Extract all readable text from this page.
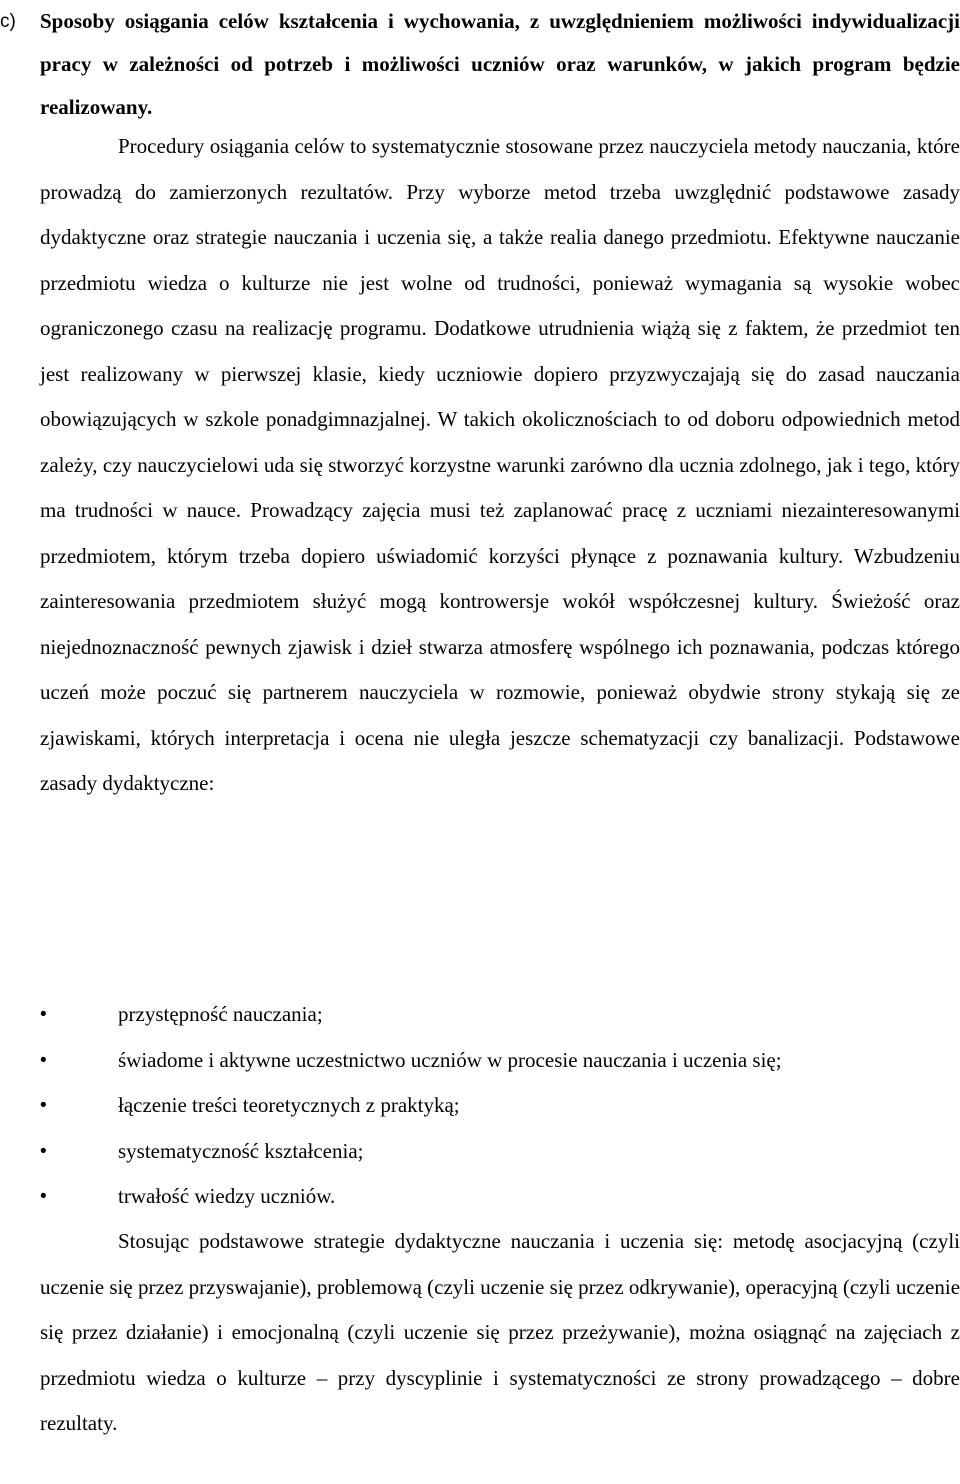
c) Sposoby osiągania celów kształcenia i wychowania, z uwzględnieniem możliwości indywidualizacji pracy w zależności od potrzeb i możliwości uczniów oraz warunków, w jakich program będzie realizowany.

Procedury osiągania celów to systematycznie stosowane przez nauczyciela metody nauczania, które prowadzą do zamierzonych rezultatów. Przy wyborze metod trzeba uwzględnić podstawowe zasady dydaktyczne oraz strategie nauczania i uczenia się, a także realia danego przedmiotu. Efektywne nauczanie przedmiotu wiedza o kulturze nie jest wolne od trudności, ponieważ wymagania są wysokie wobec ograniczonego czasu na realizację programu. Dodatkowe utrudnienia wiążą się z faktem, że przedmiot ten jest realizowany w pierwszej klasie, kiedy uczniowie dopiero przyzwyczajają się do zasad nauczania obowiązujących w szkole ponadgimnazjalnej. W takich okolicznościach to od doboru odpowiednich metod zależy, czy nauczycielowi uda się stworzyć korzystne warunki zarówno dla ucznia zdolnego, jak i tego, który ma trudności w nauce. Prowadzący zajęcia musi też zaplanować pracę z uczniami niezainteresowanymi przedmiotem, którym trzeba dopiero uświadomić korzyści płynące z poznawania kultury. Wzbudzeniu zainteresowania przedmiotem służyć mogą kontrowersje wokół współczesnej kultury. Świeżość oraz niejednoznaczność pewnych zjawisk i dzieł stwarza atmosferę wspólnego ich poznawania, podczas którego uczeń może poczuć się partnerem nauczyciela w rozmowie, ponieważ obydwie strony stykają się ze zjawiskami, których interpretacja i ocena nie uległa jeszcze schematyzacji czy banalizacji. Podstawowe zasady dydaktyczne:

•	przystępność nauczania;
•	świadome i aktywne uczestnictwo uczniów w procesie nauczania i uczenia się;
•	łączenie treści teoretycznych z praktyką;
•	systematyczność kształcenia;
•	trwałość wiedzy uczniów.

Stosując podstawowe strategie dydaktyczne nauczania i uczenia się: metodę asocjacyjną (czyli uczenie się przez przyswajanie), problemową (czyli uczenie się przez odkrywanie), operacyjną (czyli uczenie się przez działanie) i emocjonalną (czyli uczenie się przez przeżywanie), można osiągnąć na zajęciach z przedmiotu wiedza o kulturze – przy dyscyplinie i systematyczności ze strony prowadzącego – dobre rezultaty.
